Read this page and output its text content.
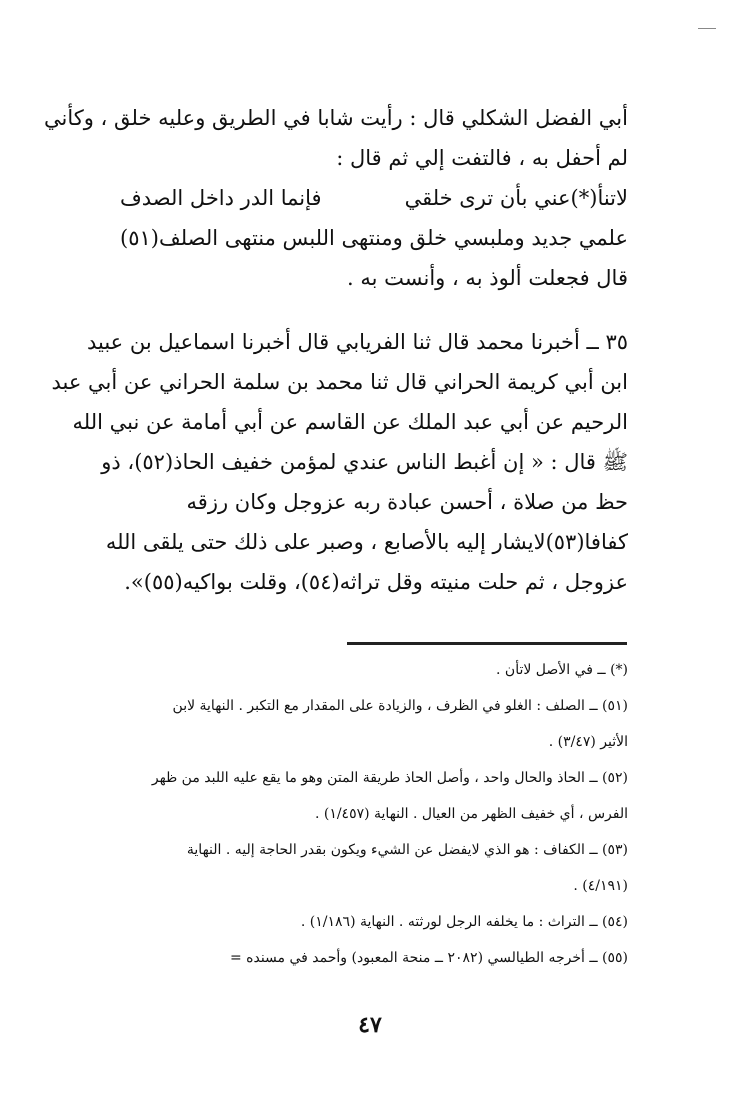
أبي الفضل الشكلي قال : رأيت شابا في الطريق وعليه خلق ، وكأني
لم أحفل به ، فالتفت إلي ثم قال :
لاتنأ(*)عني بأن ترى خلقي
فإنما الدر داخل الصدف
علمي جديد وملبسي خلق
ومنتهى اللبس منتهى الصلف(٥١)
قال فجعلت ألوذ به ، وأنست به .
٣٥ ــ أخبرنا محمد قال ثنا الفريابي قال أخبرنا اسماعيل بن عبيد
ابن أبي كريمة الحراني قال ثنا محمد بن سلمة الحراني عن أبي عبد
الرحيم عن أبي عبد الملك عن القاسم عن أبي أمامة عن نبي الله
ﷺ قال : « إن أغبط الناس عندي لمؤمن خفيف الحاذ(٥٢)، ذو
حظ من صلاة ، أحسن عبادة ربه عزوجل وكان رزقه
كفافا(٥٣)لايشار إليه بالأصابع ، وصبر على ذلك حتى يلقى الله
عزوجل ، ثم حلت منيته وقل تراثه(٥٤)، وقلت بواكيه(٥٥)».
(*) ــ في الأصل لاتأن .
(٥١) ــ الصلف : الغلو في الظرف ، والزيادة على المقدار مع التكبر . النهاية لابن
الأثير (٣/٤٧) .
(٥٢) ــ الحاذ والحال واحد ، وأصل الحاذ طريقة المتن وهو ما يقع عليه اللبد من ظهر
الفرس ، أي خفيف الظهر من العيال . النهاية (١/٤٥٧) .
(٥٣) ــ الكفاف : هو الذي لايفضل عن الشيء ويكون بقدر الحاجة إليه . النهاية
(٤/١٩١) .
(٥٤) ــ التراث : ما يخلفه الرجل لورثته . النهاية (١/١٨٦) .
(٥٥) ــ أخرجه الطيالسي (٢٠٨٢ ــ منحة المعبود) وأحمد في مسنده =
٤٧
